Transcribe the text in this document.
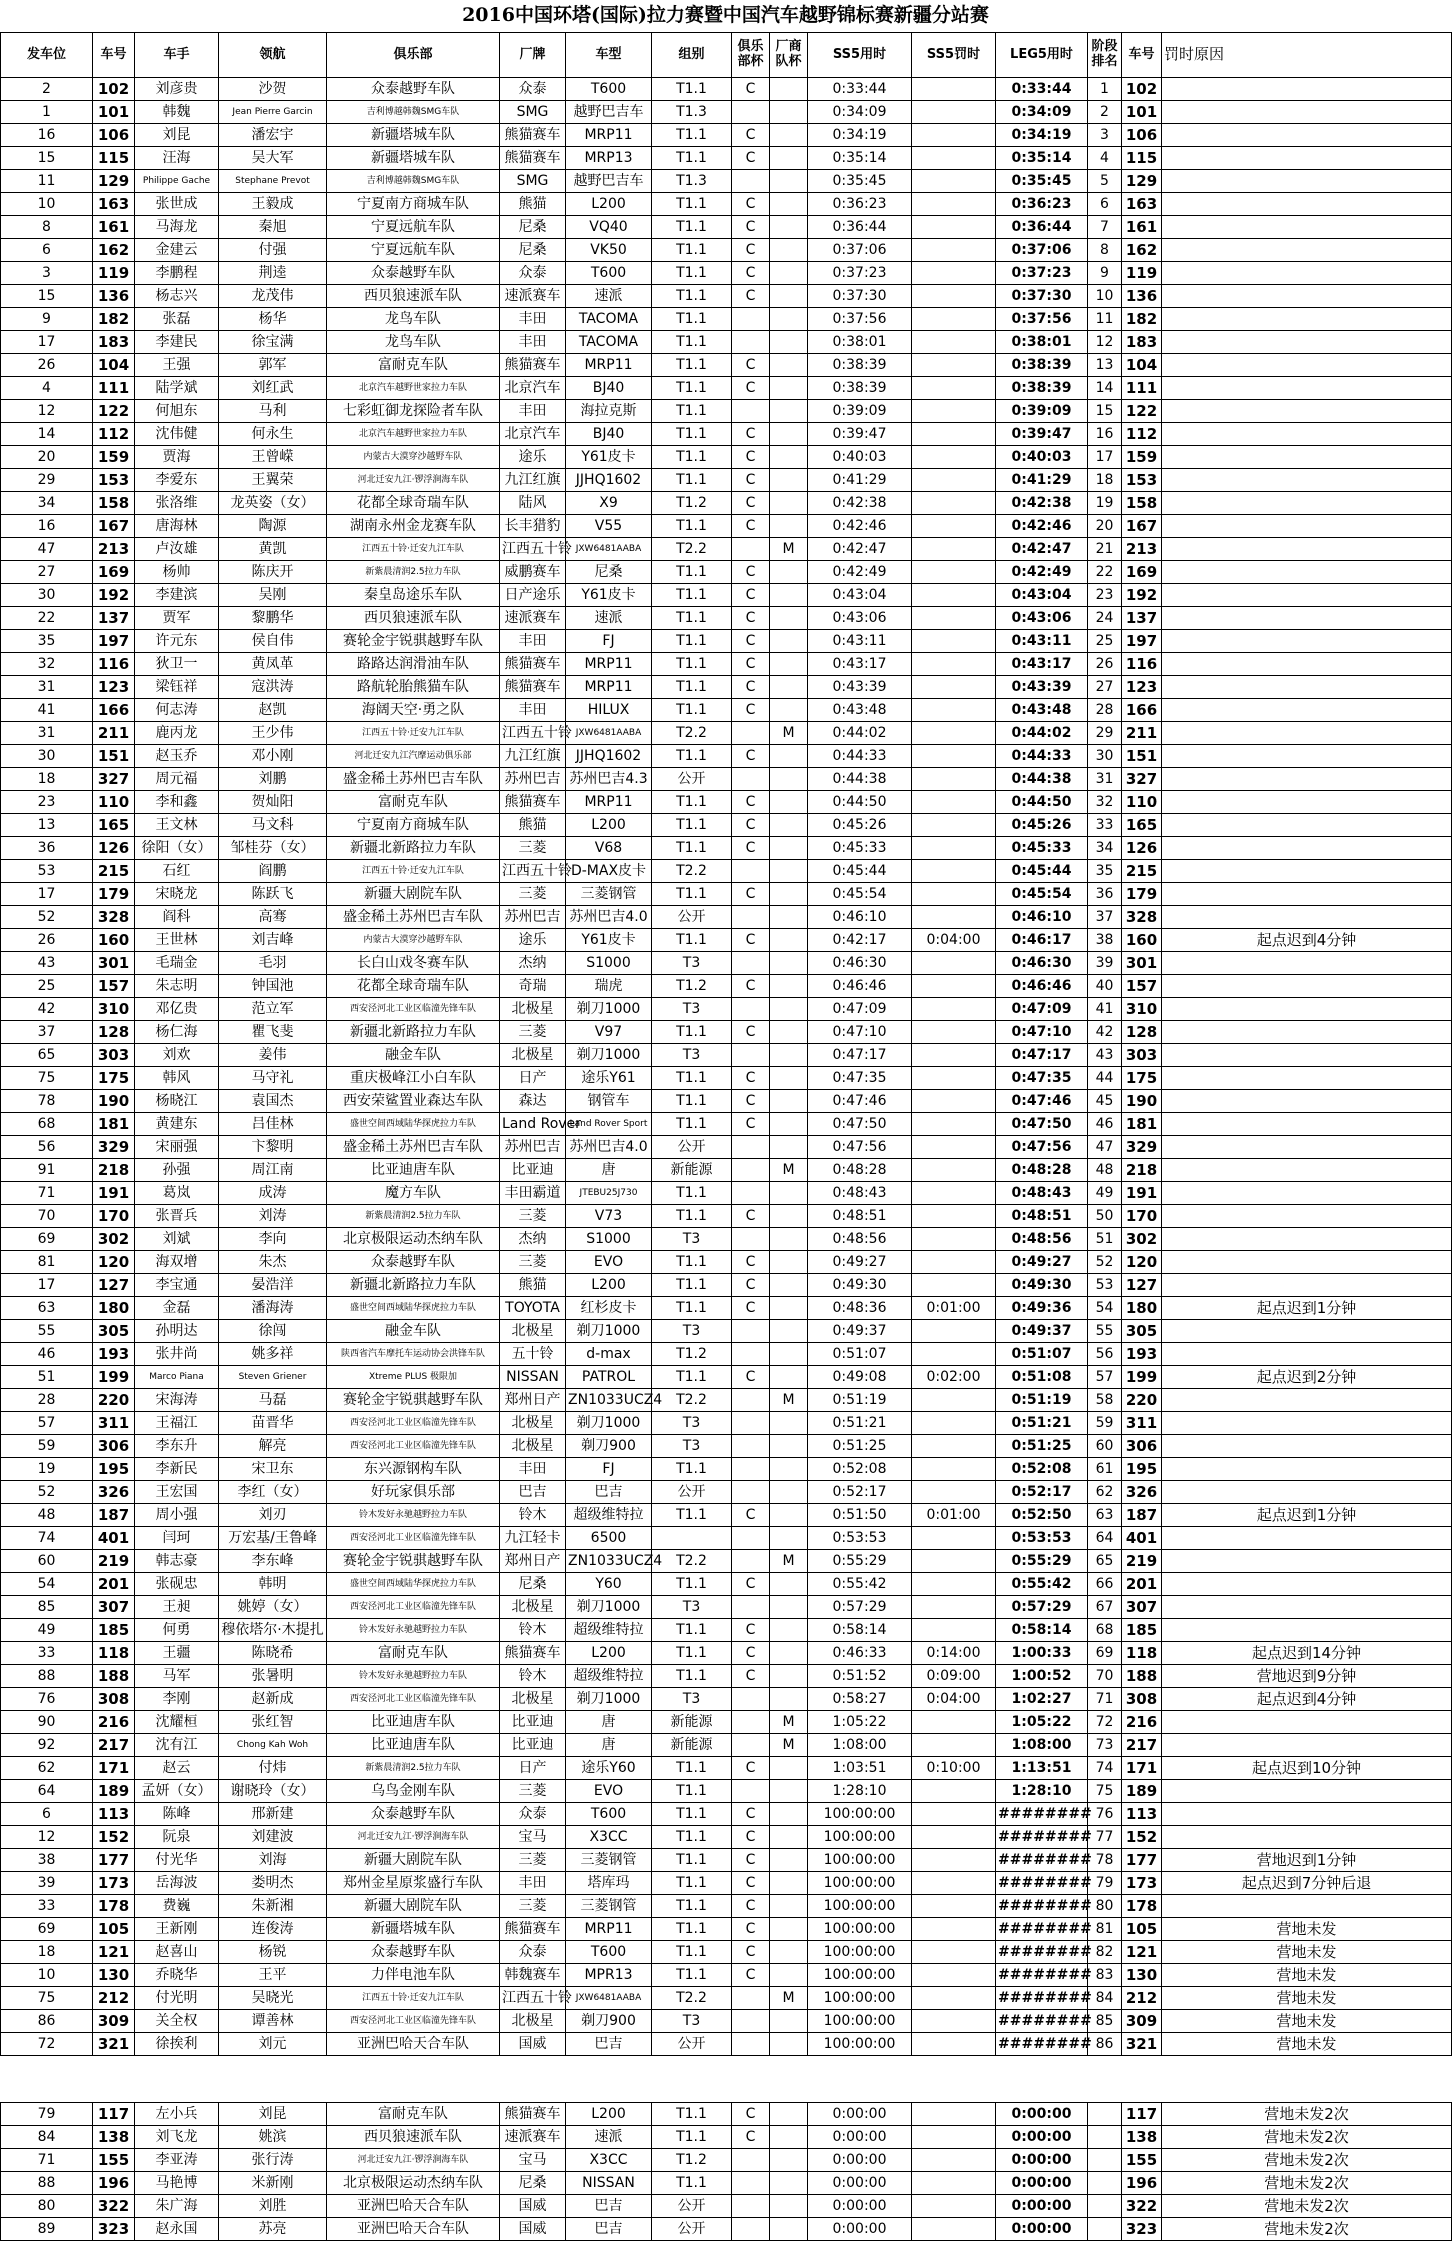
2016中国环塔(国际)拉力赛暨中国汽车越野锦标赛新疆分站赛
发车位	车号	车手	领航	俱乐部	厂牌	车型	组别	俱乐部杯	厂商队杯	SS5用时	SS5罚时	LEG5用时	阶段排名	车号	罚时原因
2	102	刘彦贵	沙贺	众泰越野车队	众泰	T600	T1.1	C		0:33:44		0:33:44	1	102	
1	101	韩魏	Jean Pierre Garcin	吉利博越韩魏SMG车队	SMG	越野巴吉车	T1.3			0:34:09		0:34:09	2	101	
16	106	刘昆	潘宏宇	新疆塔城车队	熊猫赛车	MRP11	T1.1	C		0:34:19		0:34:19	3	106	
15	115	汪海	吴大军	新疆塔城车队	熊猫赛车	MRP13	T1.1	C		0:35:14		0:35:14	4	115	
11	129	Philippe Gache	Stephane Prevot	吉利博越韩魏SMG车队	SMG	越野巴吉车	T1.3			0:35:45		0:35:45	5	129	
10	163	张世成	王毅成	宁夏南方商城车队	熊猫	L200	T1.1	C		0:36:23		0:36:23	6	163	
8	161	马海龙	秦旭	宁夏远航车队	尼桑	VQ40	T1.1	C		0:36:44		0:36:44	7	161	
6	162	金建云	付强	宁夏远航车队	尼桑	VK50	T1.1	C		0:37:06		0:37:06	8	162	
3	119	李鹏程	荆逵	众泰越野车队	众泰	T600	T1.1	C		0:37:23		0:37:23	9	119	
15	136	杨志兴	龙茂伟	西贝狼速派车队	速派赛车	速派	T1.1	C		0:37:30		0:37:30	10	136	
9	182	张磊	杨华	龙鸟车队	丰田	TACOMA	T1.1			0:37:56		0:37:56	11	182	
17	183	李建民	徐宝满	龙鸟车队	丰田	TACOMA	T1.1			0:38:01		0:38:01	12	183	
26	104	王强	郭军	富耐克车队	熊猫赛车	MRP11	T1.1	C		0:38:39		0:38:39	13	104	
4	111	陆学斌	刘红武	北京汽车越野世家拉力车队	北京汽车	BJ40	T1.1	C		0:38:39		0:38:39	14	111	
12	122	何旭东	马利	七彩虹御龙探险者车队	丰田	海拉克斯	T1.1			0:39:09		0:39:09	15	122	
14	112	沈伟健	何永生	北京汽车越野世家拉力车队	北京汽车	BJ40	T1.1	C		0:39:47		0:39:47	16	112	
20	159	贾海	王曾嵘	内蒙古大漠穿沙越野车队	途乐	Y61皮卡	T1.1	C		0:40:03		0:40:03	17	159	
29	153	李爱东	王翼荣	河北迁安九江·锣浮涧海车队	九江红旗	JJHQ1602	T1.1	C		0:41:29		0:41:29	18	153	
34	158	张洛维	龙英姿（女）	花都全球奇瑞车队	陆风	X9	T1.2	C		0:42:38		0:42:38	19	158	
16	167	唐海林	陶源	湖南永州金龙赛车队	长丰猎豹	V55	T1.1	C		0:42:46		0:42:46	20	167	
47	213	卢汝雄	黄凯	江西五十铃·迁安九江车队	江西五十铃	JXW6481AABA	T2.2		M	0:42:47		0:42:47	21	213	
27	169	杨帅	陈庆开	新紫晨清润2.5拉力车队	威鹏赛车	尼桑	T1.1	C		0:42:49		0:42:49	22	169	
30	192	李建滨	吴刚	秦皇岛途乐车队	日产途乐	Y61皮卡	T1.1	C		0:43:04		0:43:04	23	192	
22	137	贾军	黎鹏华	西贝狼速派车队	速派赛车	速派	T1.1	C		0:43:06		0:43:06	24	137	
35	197	许元东	侯自伟	赛轮金宇锐骐越野车队	丰田	FJ	T1.1	C		0:43:11		0:43:11	25	197	
32	116	狄卫一	黄凤革	路路达润滑油车队	熊猫赛车	MRP11	T1.1	C		0:43:17		0:43:17	26	116	
31	123	梁钰祥	寇洪涛	路航轮胎熊猫车队	熊猫赛车	MRP11	T1.1	C		0:43:39		0:43:39	27	123	
41	166	何志涛	赵凯	海阔天空·勇之队	丰田	HILUX	T1.1	C		0:43:48		0:43:48	28	166	
31	211	鹿丙龙	王少伟	江西五十铃·迁安九江车队	江西五十铃	JXW6481AABA	T2.2		M	0:44:02		0:44:02	29	211	
30	151	赵玉乔	邓小刚	河北迁安九江汽摩运动俱乐部	九江红旗	JJHQ1602	T1.1	C		0:44:33		0:44:33	30	151	
18	327	周元福	刘鹏	盛金稀土苏州巴吉车队	苏州巴吉	苏州巴吉4.3	公开			0:44:38		0:44:38	31	327	
23	110	李和鑫	贺灿阳	富耐克车队	熊猫赛车	MRP11	T1.1	C		0:44:50		0:44:50	32	110	
13	165	王文林	马文科	宁夏南方商城车队	熊猫	L200	T1.1	C		0:45:26		0:45:26	33	165	
36	126	徐阳（女）	邹桂芬（女）	新疆北新路拉力车队	三菱	V68	T1.1	C		0:45:33		0:45:33	34	126	
53	215	石红	阎鹏	江西五十铃·迁安九江车队	江西五十铃	D-MAX皮卡	T2.2			0:45:44		0:45:44	35	215	
17	179	宋晓龙	陈跃飞	新疆大剧院车队	三菱	三菱钢管	T1.1	C		0:45:54		0:45:54	36	179	
52	328	阎科	高骞	盛金稀土苏州巴吉车队	苏州巴吉	苏州巴吉4.0	公开			0:46:10		0:46:10	37	328	
26	160	王世林	刘吉峰	内蒙古大漠穿沙越野车队	途乐	Y61皮卡	T1.1	C		0:42:17	0:04:00	0:46:17	38	160	起点迟到4分钟
43	301	毛瑞金	毛羽	长白山戏冬赛车队	杰纳	S1000	T3			0:46:30		0:46:30	39	301	
25	157	朱志明	钟国池	花都全球奇瑞车队	奇瑞	瑞虎	T1.2	C		0:46:46		0:46:46	40	157	
42	310	邓亿贵	范立军	西安泾河北工业区临潼先锋车队	北极星	剃刀1000	T3			0:47:09		0:47:09	41	310	
37	128	杨仁海	瞿飞斐	新疆北新路拉力车队	三菱	V97	T1.1	C		0:47:10		0:47:10	42	128	
65	303	刘欢	姜伟	融金车队	北极星	剃刀1000	T3			0:47:17		0:47:17	43	303	
75	175	韩风	马守礼	重庆极峰江小白车队	日产	途乐Y61	T1.1	C		0:47:35		0:47:35	44	175	
78	190	杨晓江	袁国杰	西安荣鲨置业森达车队	森达	钢管车	T1.1	C		0:47:46		0:47:46	45	190	
68	181	黄建东	吕佳林	盛世空间西域陆华探虎拉力车队	Land Rover	Land Rover Sport	T1.1	C		0:47:50		0:47:50	46	181	
56	329	宋丽强	卞黎明	盛金稀土苏州巴吉车队	苏州巴吉	苏州巴吉4.0	公开			0:47:56		0:47:56	47	329	
91	218	孙强	周江南	比亚迪唐车队	比亚迪	唐	新能源		M	0:48:28		0:48:28	48	218	
71	191	葛岚	成涛	魔方车队	丰田霸道	JTEBU25J730	T1.1			0:48:43		0:48:43	49	191	
70	170	张晋兵	刘涛	新紫晨清润2.5拉力车队	三菱	V73	T1.1	C		0:48:51		0:48:51	50	170	
69	302	刘斌	李向	北京极限运动杰纳车队	杰纳	S1000	T3			0:48:56		0:48:56	51	302	
81	120	海双增	朱杰	众泰越野车队	三菱	EVO	T1.1	C		0:49:27		0:49:27	52	120	
17	127	李宝通	晏浩洋	新疆北新路拉力车队	熊猫	L200	T1.1	C		0:49:30		0:49:30	53	127	
63	180	金磊	潘海涛	盛世空间西域陆华探虎拉力车队	TOYOTA	红杉皮卡	T1.1	C		0:48:36	0:01:00	0:49:36	54	180	起点迟到1分钟
55	305	孙明达	徐闯	融金车队	北极星	剃刀1000	T3			0:49:37		0:49:37	55	305	
46	193	张井尚	姚多祥	陕西省汽车摩托车运动协会洪锋车队	五十铃	d-max	T1.2			0:51:07		0:51:07	56	193	
51	199	Marco Piana	Steven Griener	Xtreme PLUS 极限加	NISSAN	PATROL	T1.1	C		0:49:08	0:02:00	0:51:08	57	199	起点迟到2分钟
28	220	宋海涛	马磊	赛轮金宇锐骐越野车队	郑州日产	ZN1033UCZ4	T2.2		M	0:51:19		0:51:19	58	220	
57	311	王福江	苗晋华	西安泾河北工业区临潼先锋车队	北极星	剃刀1000	T3			0:51:21		0:51:21	59	311	
59	306	李东升	解亮	西安泾河北工业区临潼先锋车队	北极星	剃刀900	T3			0:51:25		0:51:25	60	306	
19	195	李新民	宋卫东	东兴源钢构车队	丰田	FJ	T1.1			0:52:08		0:52:08	61	195	
52	326	王宏国	李红（女）	好玩家俱乐部	巴吉	巴吉	公开			0:52:17		0:52:17	62	326	
48	187	周小强	刘刃	铃木发好永驰越野拉力车队	铃木	超级维特拉	T1.1	C		0:51:50	0:01:00	0:52:50	63	187	起点迟到1分钟
74	401	闫珂	万宏基/王鲁峰	西安泾河北工业区临潼先锋车队	九江轻卡	6500				0:53:53		0:53:53	64	401	
60	219	韩志豪	李东峰	赛轮金宇锐骐越野车队	郑州日产	ZN1033UCZ4	T2.2		M	0:55:29		0:55:29	65	219	
54	201	张砚忠	韩明	盛世空间西域陆华探虎拉力车队	尼桑	Y60	T1.1	C		0:55:42		0:55:42	66	201	
85	307	王昶	姚婷（女）	西安泾河北工业区临潼先锋车队	北极星	剃刀1000	T3			0:57:29		0:57:29	67	307	
49	185	何勇	穆依塔尔·木提扎	铃木发好永驰越野拉力车队	铃木	超级维特拉	T1.1	C		0:58:14		0:58:14	68	185	
33	118	王疆	陈晓希	富耐克车队	熊猫赛车	L200	T1.1	C		0:46:33	0:14:00	1:00:33	69	118	起点迟到14分钟
88	188	马军	张暑明	铃木发好永驰越野拉力车队	铃木	超级维特拉	T1.1	C		0:51:52	0:09:00	1:00:52	70	188	营地迟到9分钟
76	308	李刚	赵新成	西安泾河北工业区临潼先锋车队	北极星	剃刀1000	T3			0:58:27	0:04:00	1:02:27	71	308	起点迟到4分钟
90	216	沈耀桓	张红智	比亚迪唐车队	比亚迪	唐	新能源		M	1:05:22		1:05:22	72	216	
92	217	沈有江	Chong Kah Woh	比亚迪唐车队	比亚迪	唐	新能源		M	1:08:00		1:08:00	73	217	
62	171	赵云	付炜	新紫晨清润2.5拉力车队	日产	途乐Y60	T1.1	C		1:03:51	0:10:00	1:13:51	74	171	起点迟到10分钟
64	189	孟妍（女）	谢晓玲（女）	乌鸟金刚车队	三菱	EVO	T1.1			1:28:10		1:28:10	75	189	
6	113	陈峰	邢新建	众泰越野车队	众泰	T600	T1.1	C		100:00:00		########	76	113	
12	152	阮泉	刘建波	河北迁安九江·锣浮涧海车队	宝马	X3CC	T1.1	C		100:00:00		########	77	152	
38	177	付光华	刘海	新疆大剧院车队	三菱	三菱钢管	T1.1	C		100:00:00		########	78	177	营地迟到1分钟
39	173	岳海波	娄明杰	郑州金星原浆盛行车队	丰田	塔库玛	T1.1	C		100:00:00		########	79	173	起点迟到7分钟后退
33	178	费巍	朱新湘	新疆大剧院车队	三菱	三菱钢管	T1.1	C		100:00:00		########	80	178	
69	105	王新刚	连俊涛	新疆塔城车队	熊猫赛车	MRP11	T1.1	C		100:00:00		########	81	105	营地未发
18	121	赵喜山	杨锐	众泰越野车队	众泰	T600	T1.1	C		100:00:00		########	82	121	营地未发
10	130	乔晓华	王平	力伴电池车队	韩魏赛车	MPR13	T1.1	C		100:00:00		########	83	130	营地未发
75	212	付光明	吴晓光	江西五十铃·迁安九江车队	江西五十铃	JXW6481AABA	T2.2		M	100:00:00		########	84	212	营地未发
86	309	关全权	谭善林	西安泾河北工业区临潼先锋车队	北极星	剃刀900	T3			100:00:00		########	85	309	营地未发
72	321	徐挨利	刘元	亚洲巴哈天合车队	国威	巴吉	公开			100:00:00		########	86	321	营地未发
79	117	左小兵	刘昆	富耐克车队	熊猫赛车	L200	T1.1	C		0:00:00		0:00:00		117	营地未发2次
84	138	刘飞龙	姚滨	西贝狼速派车队	速派赛车	速派	T1.1	C		0:00:00		0:00:00		138	营地未发2次
71	155	李亚涛	张行涛	河北迁安九江·锣浮涧海车队	宝马	X3CC	T1.2			0:00:00		0:00:00		155	营地未发2次
88	196	马艳博	米新刚	北京极限运动杰纳车队	尼桑	NISSAN	T1.1			0:00:00		0:00:00		196	营地未发2次
80	322	朱广海	刘胜	亚洲巴哈天合车队	国威	巴吉	公开			0:00:00		0:00:00		322	营地未发2次
89	323	赵永国	苏亮	亚洲巴哈天合车队	国威	巴吉	公开			0:00:00		0:00:00		323	营地未发2次
